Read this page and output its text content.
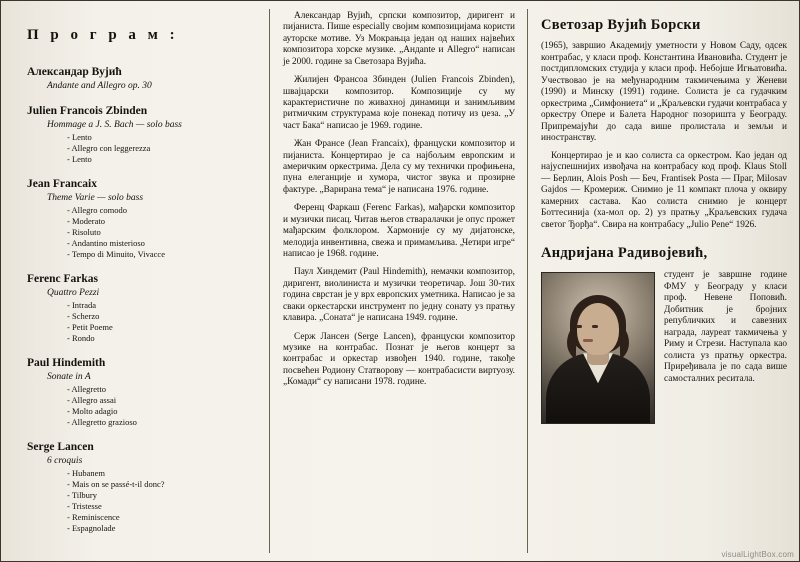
П р о г р а м :
Александар Вујић
Andante and Allegro op. 30
Julien Francois Zbinden
Hommage a J. S. Bach — solo bass
- Lento
- Allegro con leggerezza
- Lento
Jean Francaix
Theme Varie — solo bass
- Allegro comodo
- Moderato
- Risoluto
- Andantino misterioso
- Tempo di Minuito, Vivacce
Ferenc Farkas
Quattro Pezzi
- Intrada
- Scherzo
- Petit Poeme
- Rondo
Paul Hindemith
Sonate in A
- Allegretto
- Allegro assai
- Molto adagio
- Allegretto grazioso
Serge Lancen
6 croquis
- Hubanem
- Mais on se passé-t-il donc?
- Tilbury
- Tristesse
- Reminiscence
- Espagnolade

Александар Вујић, српски композитор, диригент и пијаниста. Пише especially својим композицијама користи ауторске мотиве. Уз Мокрањца један од наших највећих композитора хорске музике. „Андаnte и Allegro“ написан је 2000. године за Светозара Вујића.

Жилијен Франсоа Збинден (Julien Francois Zbinden), швајцарски композитор. Композиције су му карактеристичне по живахној динамици и занимљивим ритмичким структурама које понекад потичу из џеза. „У част Бака“ написао је 1969. године.

Жан Франсе (Jean Francaix), француски композитор и пијаниста. Концертирао је са најбољим европским и америчким оркестрима. Дела су му технички профињена, пуна елеганције и хумора, чистог звука и прозирне фактуре. „Варирана тема“ је написана 1976. године.

Ференц Фаркаш (Ferenc Farkas), мађарски композитор и музички писац. Читав његов стваралачки је опус прожет мађарским фолклором. Хармоније су му дијатонске, мелодија инвентивна, свежа и примамљива. „Четири игре“ написао је 1968. године.

Паул Хиндемит (Paul Hindemith), немачки композитор, диригент, виолиниста и музички теоретичар. Још 30-тих година сврстан је у врх европских уметника. Написао је за сваки оркестарски инструмент по једну сонату уз пратњу клавира. „Соната“ је написана 1949. године.

Серж Лансен (Serge Lancen), француски композитор музике на контрабас. Познат је његов концерт за контрабас и оркестар извођен 1940. године, такође посвећен Родиону Статворову — контрабасисти виртуозу. „Комади“ су написани 1978. године.

Светозар Вујић Борски

(1965), завршио Академију уметности у Новом Саду, одсек контрабас, у класи проф. Константина Ивановића. Студент је постдипломских студија у класи проф. Небојше Игњатовића. Учествовао је на међународним такмичењима у Женеви (1990) и Минску (1991) године. Солиста је са гудачким оркестрима „Симфониета“ и „Краљевски гудачи контрабаса у оркестру Опере и Балета Народног позоришта у Београду. Припремајући до сада више пролистала и земљи и иностранству.

Концертирао је и као солиста са оркестром. Као један од најуспешнијих извођача на контрабасу код проф. Klaus Stoll — Берлин, Alois Posh — Беч, Frantisek Posta — Праг, Milosav Gajdos — Кромериж. Снимио је 11 компакт плоча у оквиру камерних састава. Као солиста снимио је концерт Боттесинија (ха-мол ор. 2) уз пратњу „Краљевских гудача светог Ђорђа“. Свира на контрабасу „Julio Pene“ 1926.

Андријана Радивојевић,

студент је завршне године ФМУ у Београду у класи проф. Невене Поповић. Добитник је бројних републичких и савезних награда, лауреат такмичења у Риму и Стрези. Наступала као солиста уз пратњу оркестра. Приређивала је по сада више самосталних реситала.

visualLightBox.com
